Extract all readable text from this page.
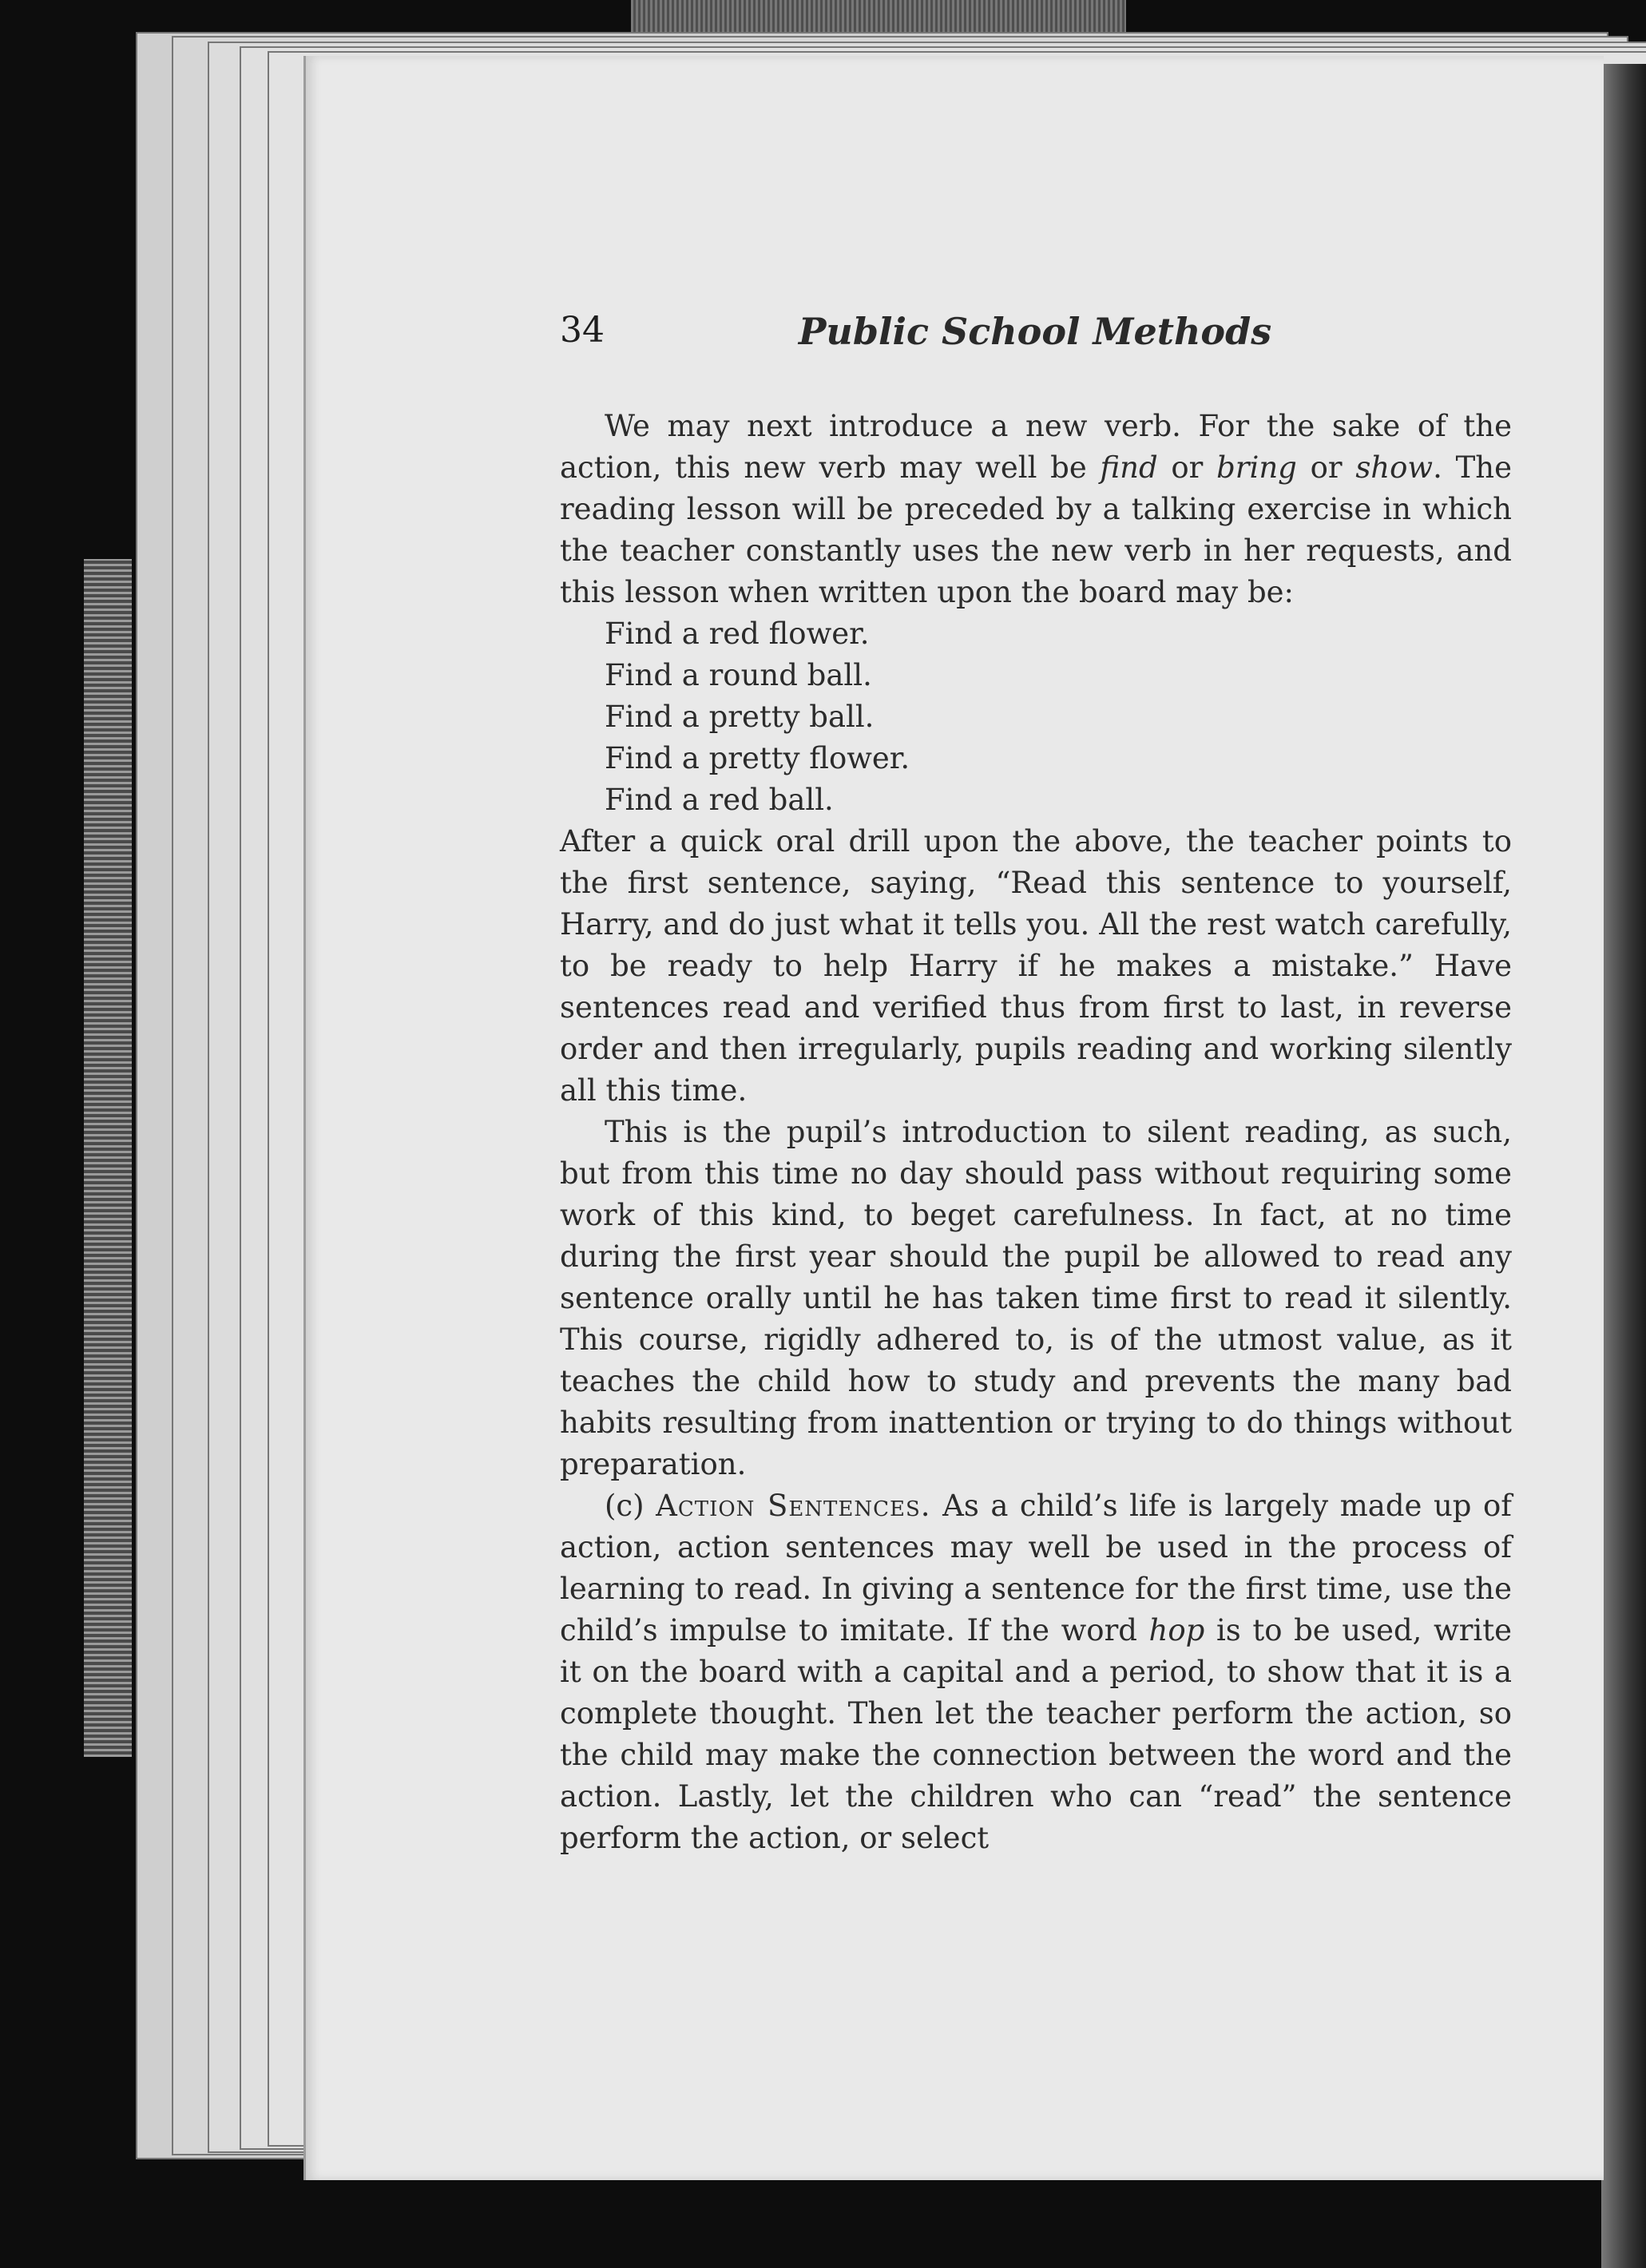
34	Public School Methods

We may next introduce a new verb. For the sake of the action, this new verb may well be find or bring or show. The reading lesson will be preceded by a talking exercise in which the teacher constantly uses the new verb in her requests, and this lesson when written upon the board may be:

Find a red flower.
Find a round ball.
Find a pretty ball.
Find a pretty flower.
Find a red ball.

After a quick oral drill upon the above, the teacher points to the first sentence, saying, “Read this sentence to yourself, Harry, and do just what it tells you. All the rest watch carefully, to be ready to help Harry if he makes a mistake.” Have sentences read and verified thus from first to last, in reverse order and then irregularly, pupils reading and working silently all this time.

This is the pupil’s introduction to silent reading, as such, but from this time no day should pass without requiring some work of this kind, to beget carefulness. In fact, at no time during the first year should the pupil be allowed to read any sentence orally until he has taken time first to read it silently. This course, rigidly adhered to, is of the utmost value, as it teaches the child how to study and prevents the many bad habits resulting from inattention or trying to do things without preparation.

(c) Action Sentences. As a child’s life is largely made up of action, action sentences may well be used in the process of learning to read. In giving a sentence for the first time, use the child’s impulse to imitate. If the word hop is to be used, write it on the board with a capital and a period, to show that it is a complete thought. Then let the teacher perform the action, so the child may make the connection between the word and the action. Lastly, let the children who can “read” the sentence perform the action, or select
